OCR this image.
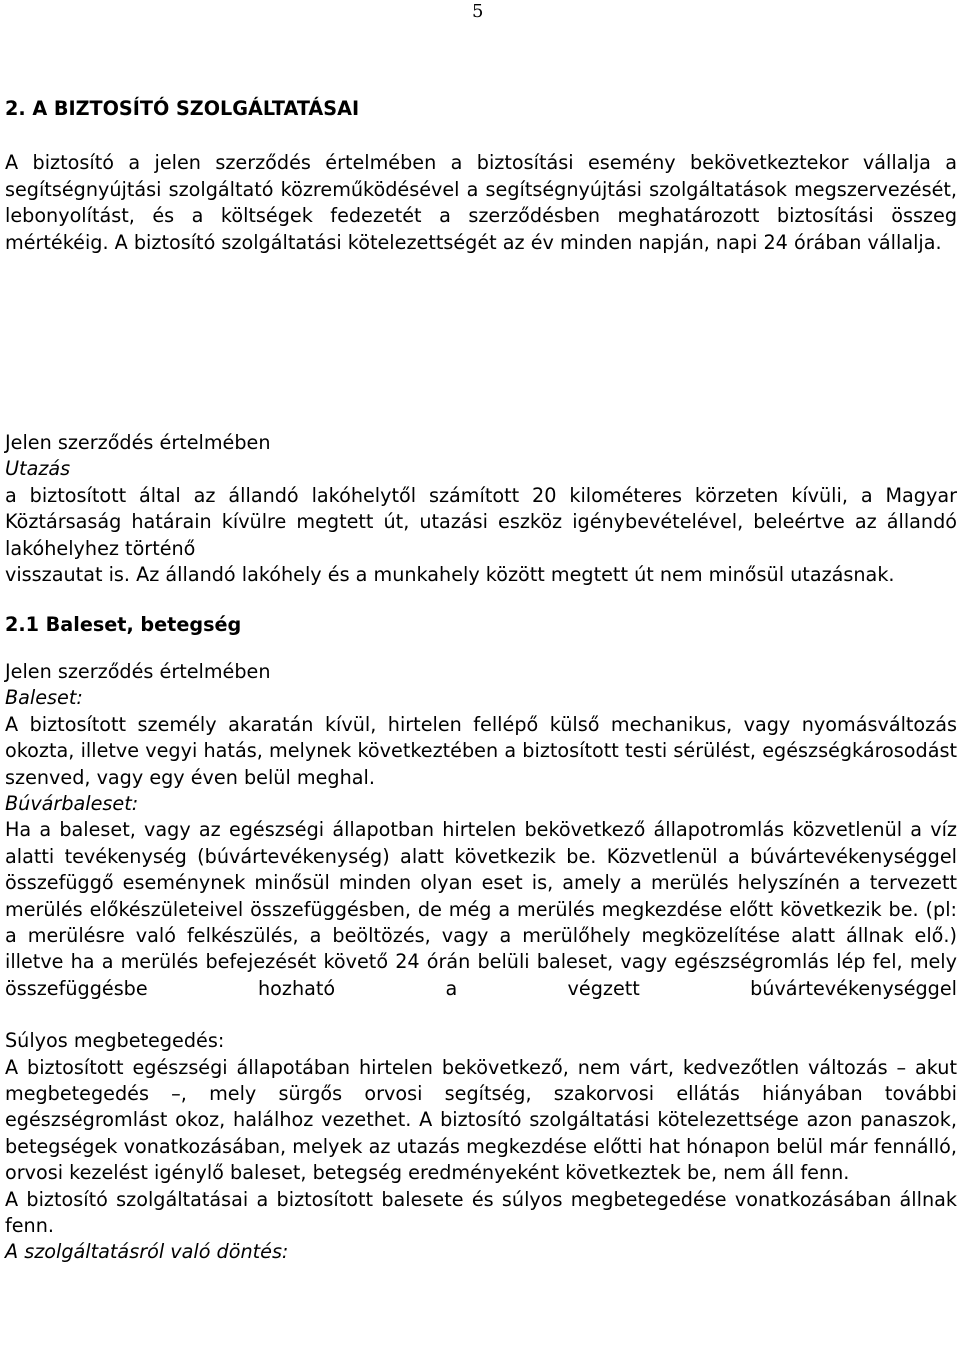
5

2. A BIZTOSÍTÓ SZOLGÁLTATÁSAI

A biztosító a jelen szerződés értelmében a biztosítási esemény bekövetkeztekor vállalja a segítségnyújtási szolgáltató közreműködésével a segítségnyújtási szolgáltatások megszervezését, lebonyolítást, és a költségek fedezetét a szerződésben meghatározott biztosítási összeg mértékéig. A biztosító szolgáltatási kötelezettségét az év minden napján, napi 24 órában vállalja.

Jelen szerződés értelmében

Utazás

a biztosított által az állandó lakóhelytől számított 20 kilométeres körzeten kívüli, a Magyar Köztársaság határain kívülre megtett út, utazási eszköz igénybevételével, beleértve az állandó lakóhelyhez történő

visszautat is. Az állandó lakóhely és a munkahely között megtett út nem minősül utazásnak.

2.1 Baleset, betegség

Jelen szerződés értelmében

Baleset:

A biztosított személy akaratán kívül, hirtelen fellépő külső mechanikus, vagy nyomásváltozás okozta, illetve vegyi hatás, melynek következtében a biztosított testi sérülést, egészségkárosodást szenved, vagy egy éven belül meghal.

Búvárbaleset:

Ha a baleset, vagy az egészségi állapotban hirtelen bekövetkező állapotromlás közvetlenül a víz alatti tevékenység (búvártevékenység) alatt következik be. Közvetlenül a búvártevékenységgel összefüggő eseménynek minősül minden olyan eset is, amely a merülés helyszínén a tervezett merülés előkészületeivel összefüggésben, de még a merülés megkezdése előtt következik be. (pl: a merülésre való felkészülés, a beöltözés, vagy a merülőhely megközelítése alatt állnak elő.) illetve ha a merülés befejezését követő 24 órán belüli baleset, vagy egészségromlás lép fel, mely összefüggésbe hozható a végzett búvártevékenységgel

Súlyos megbetegedés:

A biztosított egészségi állapotában hirtelen bekövetkező, nem várt, kedvezőtlen változás – akut megbetegedés –, mely sürgős orvosi segítség, szakorvosi ellátás hiányában további egészségromlást okoz, halálhoz vezethet. A biztosító szolgáltatási kötelezettsége azon panaszok, betegségek vonatkozásában, melyek az utazás megkezdése előtti hat hónapon belül már fennálló, orvosi kezelést igénylő baleset, betegség eredményeként következtek be, nem áll fenn.

A biztosító szolgáltatásai a biztosított balesete és súlyos megbetegedése vonatkozásában állnak fenn.

A szolgáltatásról való döntés:
